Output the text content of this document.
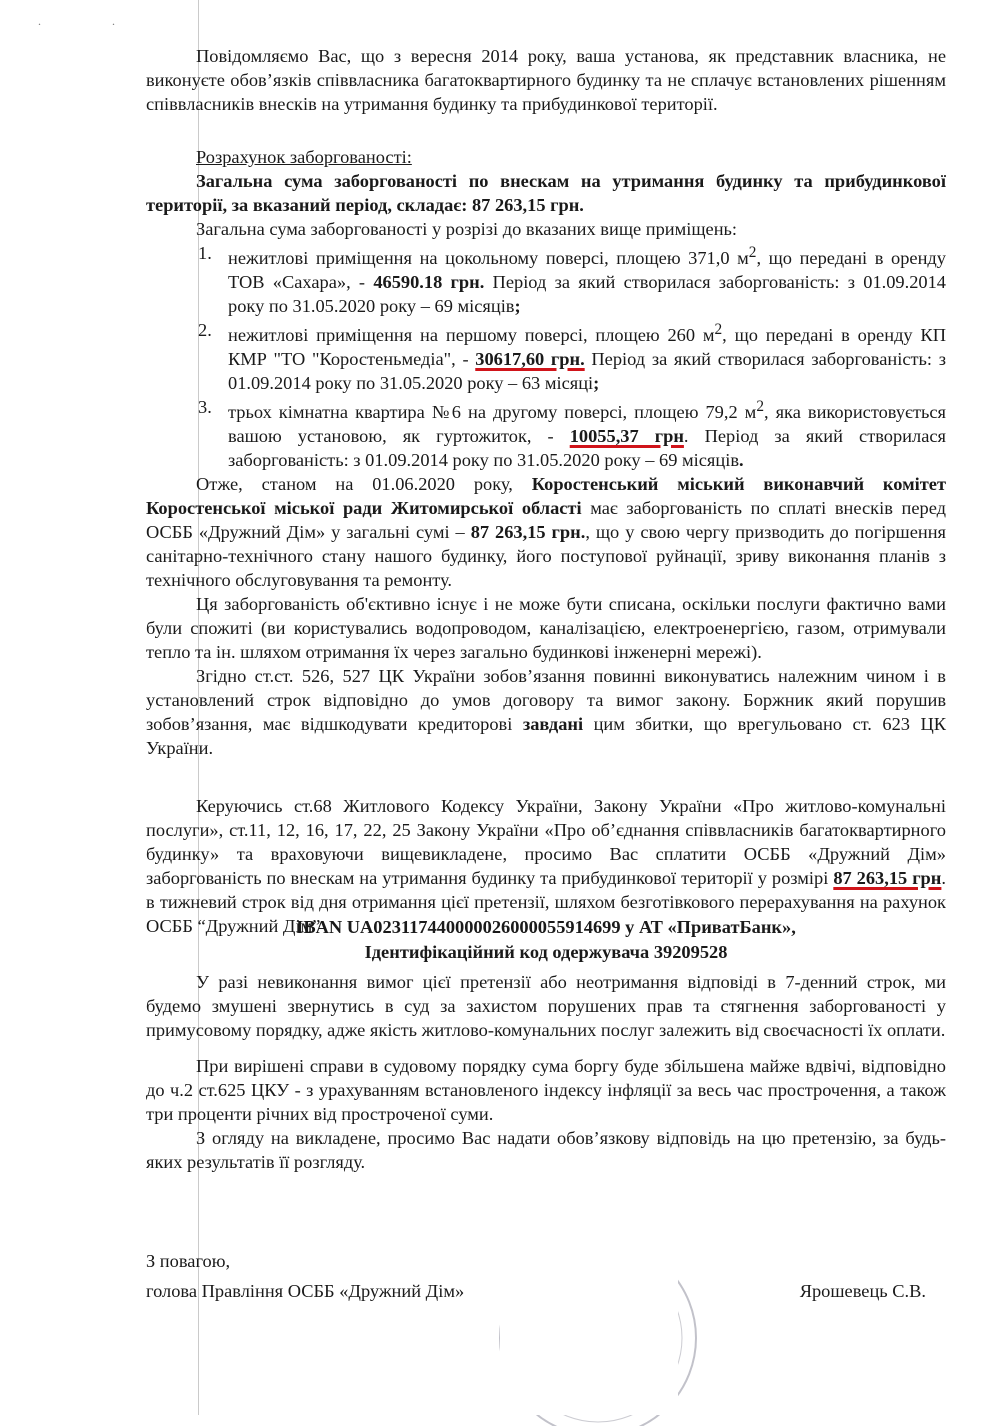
. .

Повідомляємо Вас, що з вересня 2014 року, ваша установа, як представник власника, не виконуєте обов’язків співвласника багатоквартирного будинку та не сплачує встановлених рішенням співвласників внесків на утримання будинку та прибудинкової території.

Розрахунок заборгованості:

Загальна сума заборгованості по внескам на утримання будинку та прибудинкової території, за вказаний період, складає: 87 263,15 грн.

Загальна сума заборгованості у розрізі до вказаних вище приміщень:

1. нежитлові приміщення на цокольному поверсі, площею 371,0 $м^2$, що передані в оренду ТОВ «Сахара», - 46590.18 грн. Період за який створилася заборгованість: з 01.09.2014 року по 31.05.2020 року – 69 місяців;
2. нежитлові приміщення на першому поверсі, площею 260 $м^2$, що передані в оренду КП КМР "ТО "Коростеньмедіа", - 30617,60 грн. Період за який створилася заборгованість: з 01.09.2014 року по 31.05.2020 року – 63 місяці;
3. трьох кімнатна квартира №6 на другому поверсі, площею 79,2 $м^2$, яка використовується вашою установою, як гуртожиток, - 10055,37 грн. Період за який створилася заборгованість: з 01.09.2014 року по 31.05.2020 року – 69 місяців.

Отже, станом на 01.06.2020 року, Коростенський міський виконавчий комітет Коростенської міської ради Житомирської області має заборгованість по сплаті внесків перед ОСББ «Дружний Дім» у загальні сумі – 87 263,15 грн., що у свою чергу призводить до погіршення санітарно-технічного стану нашого будинку, його поступової руйнації, зриву виконання планів з технічного обслуговування та ремонту.

Ця заборгованість об'єктивно існує і не може бути списана, оскільки послуги фактично вами були спожиті (ви користувались водопроводом, каналізацією, електроенергією, газом, отримували тепло та ін. шляхом отримання їх через загально будинкові інженерні мережі).

Згідно ст.ст. 526, 527 ЦК України зобов’язання повинні виконуватись належним чином і в установлений строк відповідно до умов договору та вимог закону. Боржник який порушив зобов’язання, має відшкодувати кредиторові завдані цим збитки, що врегульовано ст. 623 ЦК України.

Керуючись ст.68 Житлового Кодексу України, Закону України «Про житлово-комунальні послуги», ст.11, 12, 16, 17, 22, 25 Закону України «Про об’єднання співвласників багатоквартирного будинку» та враховуючи вищевикладене, просимо Вас сплатити ОСББ «Дружний Дім» заборгованість по внескам на утримання будинку та прибудинкової території у розмірі 87 263,15 грн. в тижневий строк від дня отримання цієї претензії, шляхом безготівкового перерахування на рахунок ОСББ “Дружний Дім”

IBAN UA023117440000026000055914699 у АТ «ПриватБанк»,

Ідентифікаційний код одержувача 39209528

У разі невиконання вимог цієї претензії або неотримання відповіді в 7-денний строк, ми будемо змушені звернутись в суд за захистом порушених прав та стягнення заборгованості у примусовому порядку, адже якість житлово-комунальних послуг залежить від своєчасності їх оплати.

При вирішені справи в судовому порядку сума боргу буде збільшена майже вдвічі, відповідно до ч.2 ст.625 ЦКУ - з урахуванням встановленого індексу інфляції за весь час прострочення, а також три проценти річних від простроченої суми.

З огляду на викладене, просимо Вас надати обов’язкову відповідь на цю претензію, за будь-яких результатів її розгляду.

З повагою,

голова Правління ОСББ «Дружний Дім»	Ярошевець С.В.
